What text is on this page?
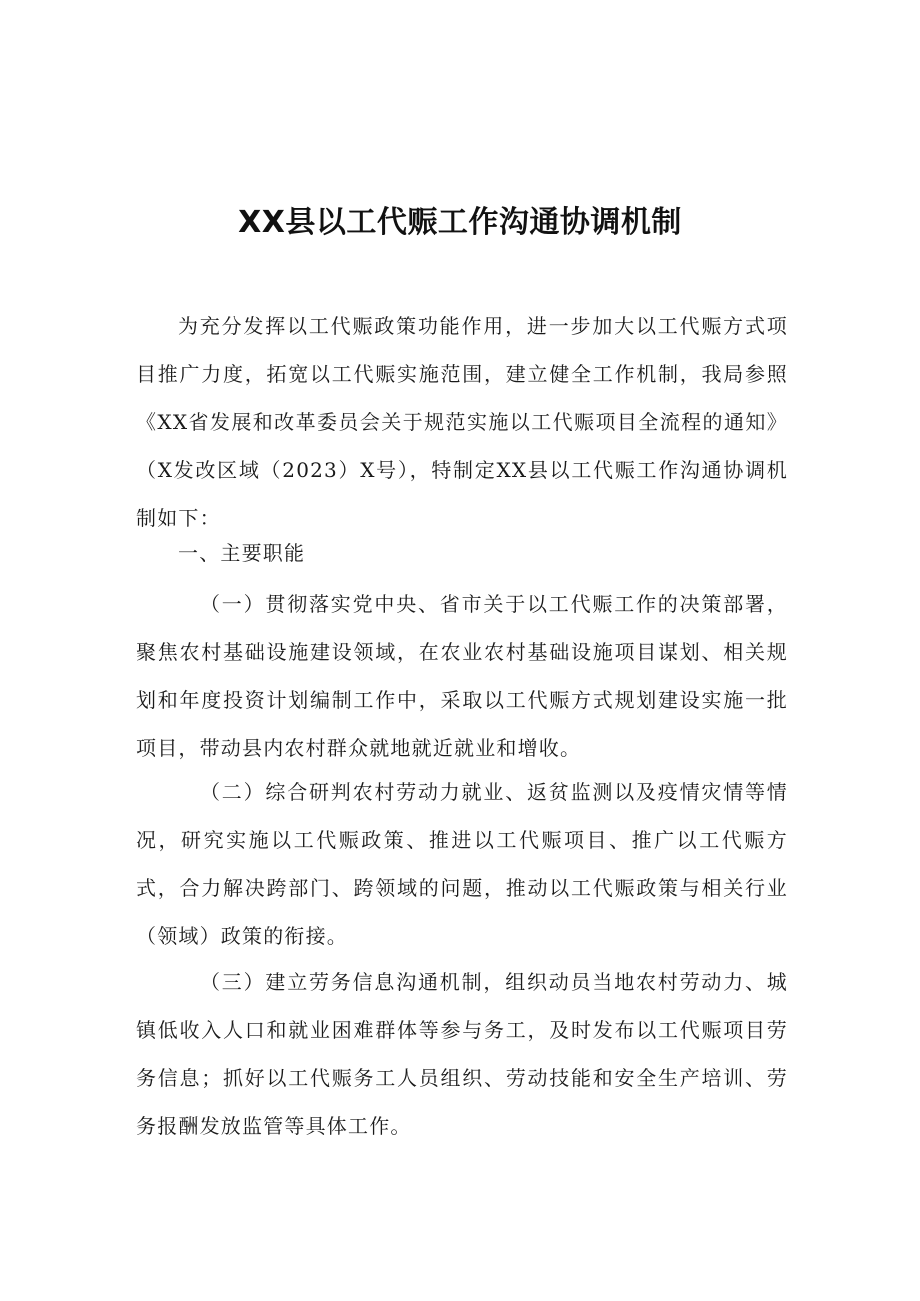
XX县以工代赈工作沟通协调机制

为充分发挥以工代赈政策功能作用，进一步加大以工代赈方式项目推广力度，拓宽以工代赈实施范围，建立健全工作机制，我局参照《XX省发展和改革委员会关于规范实施以工代赈项目全流程的通知》（X发改区域（2023）X号），特制定XX县以工代赈工作沟通协调机制如下：

一、主要职能

（一）贯彻落实党中央、省市关于以工代赈工作的决策部署，聚焦农村基础设施建设领域，在农业农村基础设施项目谋划、相关规划和年度投资计划编制工作中，采取以工代赈方式规划建设实施一批项目，带动县内农村群众就地就近就业和增收。

（二）综合研判农村劳动力就业、返贫监测以及疫情灾情等情况，研究实施以工代赈政策、推进以工代赈项目、推广以工代赈方式，合力解决跨部门、跨领域的问题，推动以工代赈政策与相关行业（领域）政策的衔接。

（三）建立劳务信息沟通机制，组织动员当地农村劳动力、城镇低收入人口和就业困难群体等参与务工，及时发布以工代赈项目劳务信息；抓好以工代赈务工人员组织、劳动技能和安全生产培训、劳务报酬发放监管等具体工作。
